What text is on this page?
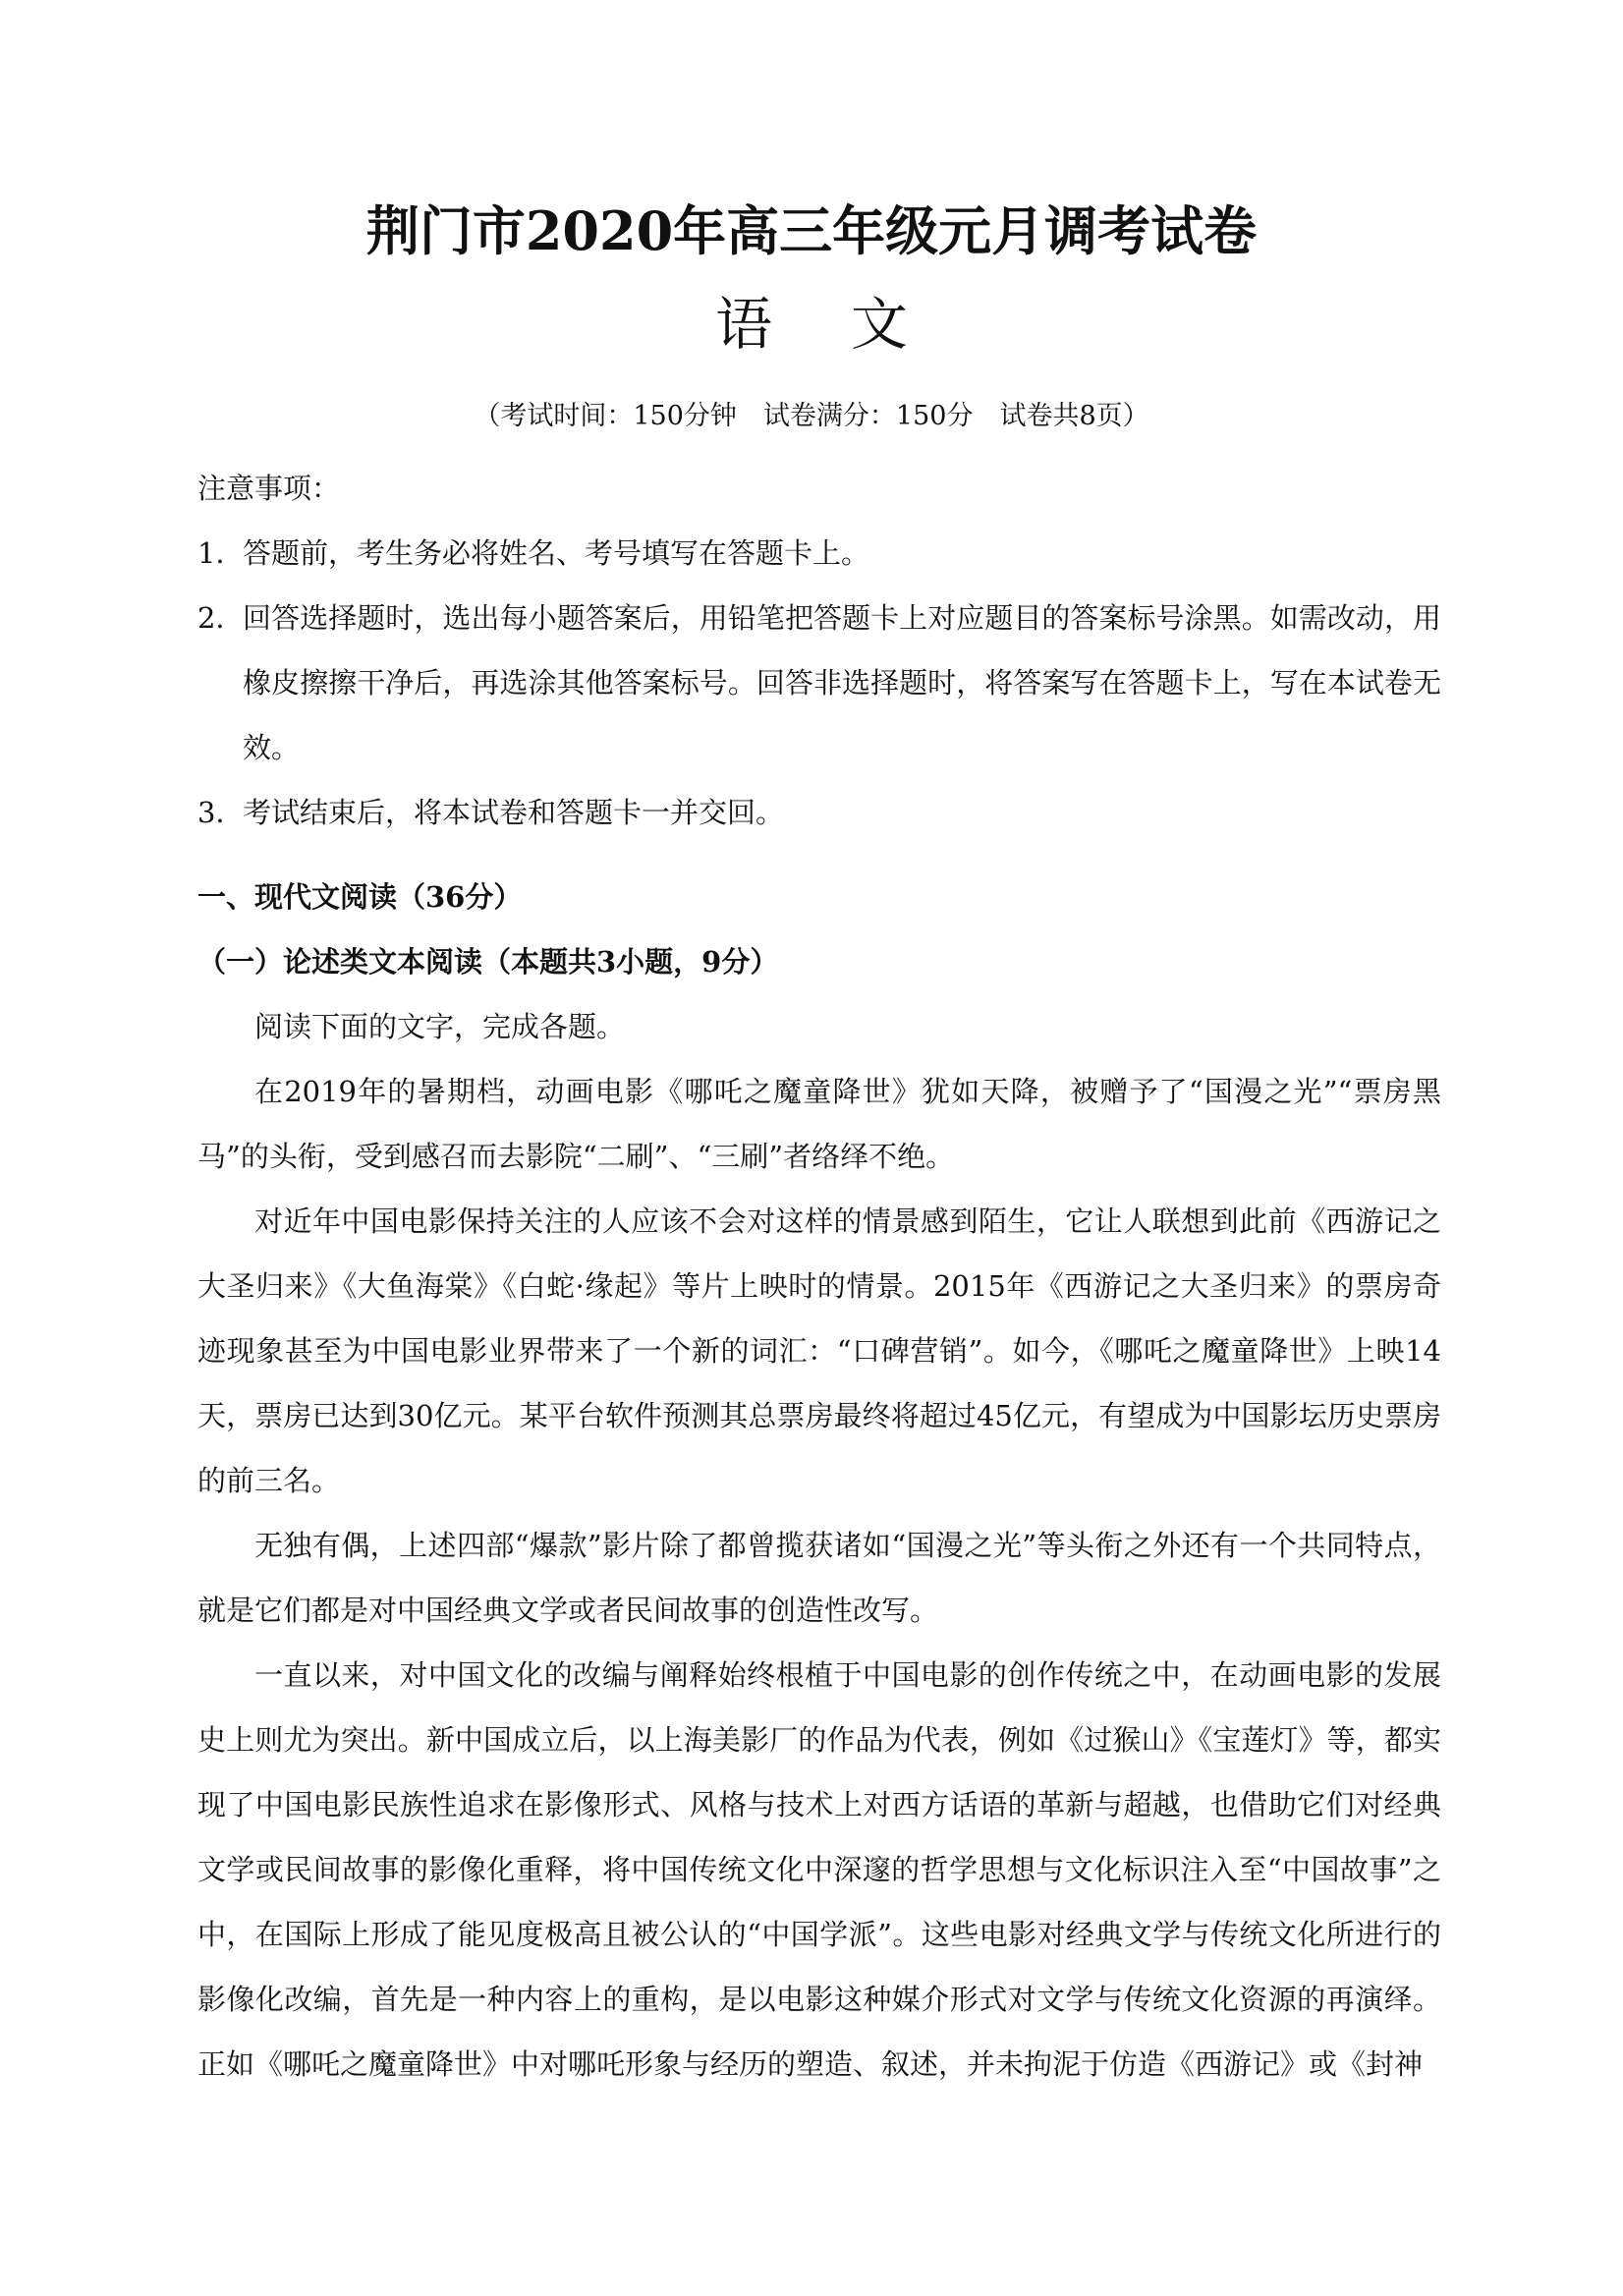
荆门市2020年高三年级元月调考试卷
语文
（考试时间：150分钟　试卷满分：150分　试卷共8页）

注意事项：

1．答题前，考生务必将姓名、考号填写在答题卡上。

2．回答选择题时，选出每小题答案后，用铅笔把答题卡上对应题目的答案标号涂黑。如需改动，用橡皮擦擦干净后，再选涂其他答案标号。回答非选择题时，将答案写在答题卡上，写在本试卷无效。

3．考试结束后，将本试卷和答题卡一并交回。

一、现代文阅读（36分）

（一）论述类文本阅读（本题共3小题，9分）

阅读下面的文字，完成各题。

在2019年的暑期档，动画电影《哪吒之魔童降世》犹如天降，被赠予了“国漫之光”“票房黑马”的头衔，受到感召而去影院“二刷”、“三刷”者络绎不绝。

对近年中国电影保持关注的人应该不会对这样的情景感到陌生，它让人联想到此前《西游记之大圣归来》《大鱼海棠》《白蛇·缘起》等片上映时的情景。2015年《西游记之大圣归来》的票房奇迹现象甚至为中国电影业界带来了一个新的词汇：“口碑营销”。如今，《哪吒之魔童降世》上映14天，票房已达到30亿元。某平台软件预测其总票房最终将超过45亿元，有望成为中国影坛历史票房的前三名。

无独有偶，上述四部“爆款”影片除了都曾揽获诸如“国漫之光”等头衔之外还有一个共同特点，就是它们都是对中国经典文学或者民间故事的创造性改写。

一直以来，对中国文化的改编与阐释始终根植于中国电影的创作传统之中，在动画电影的发展史上则尤为突出。新中国成立后，以上海美影厂的作品为代表，例如《过猴山》《宝莲灯》等，都实现了中国电影民族性追求在影像形式、风格与技术上对西方话语的革新与超越，也借助它们对经典文学或民间故事的影像化重释，将中国传统文化中深邃的哲学思想与文化标识注入至“中国故事”之中，在国际上形成了能见度极高且被公认的“中国学派”。这些电影对经典文学与传统文化所进行的影像化改编，首先是一种内容上的重构，是以电影这种媒介形式对文学与传统文化资源的再演绎。正如《哪吒之魔童降世》中对哪吒形象与经历的塑造、叙述，并未拘泥于仿造《西游记》或《封神
